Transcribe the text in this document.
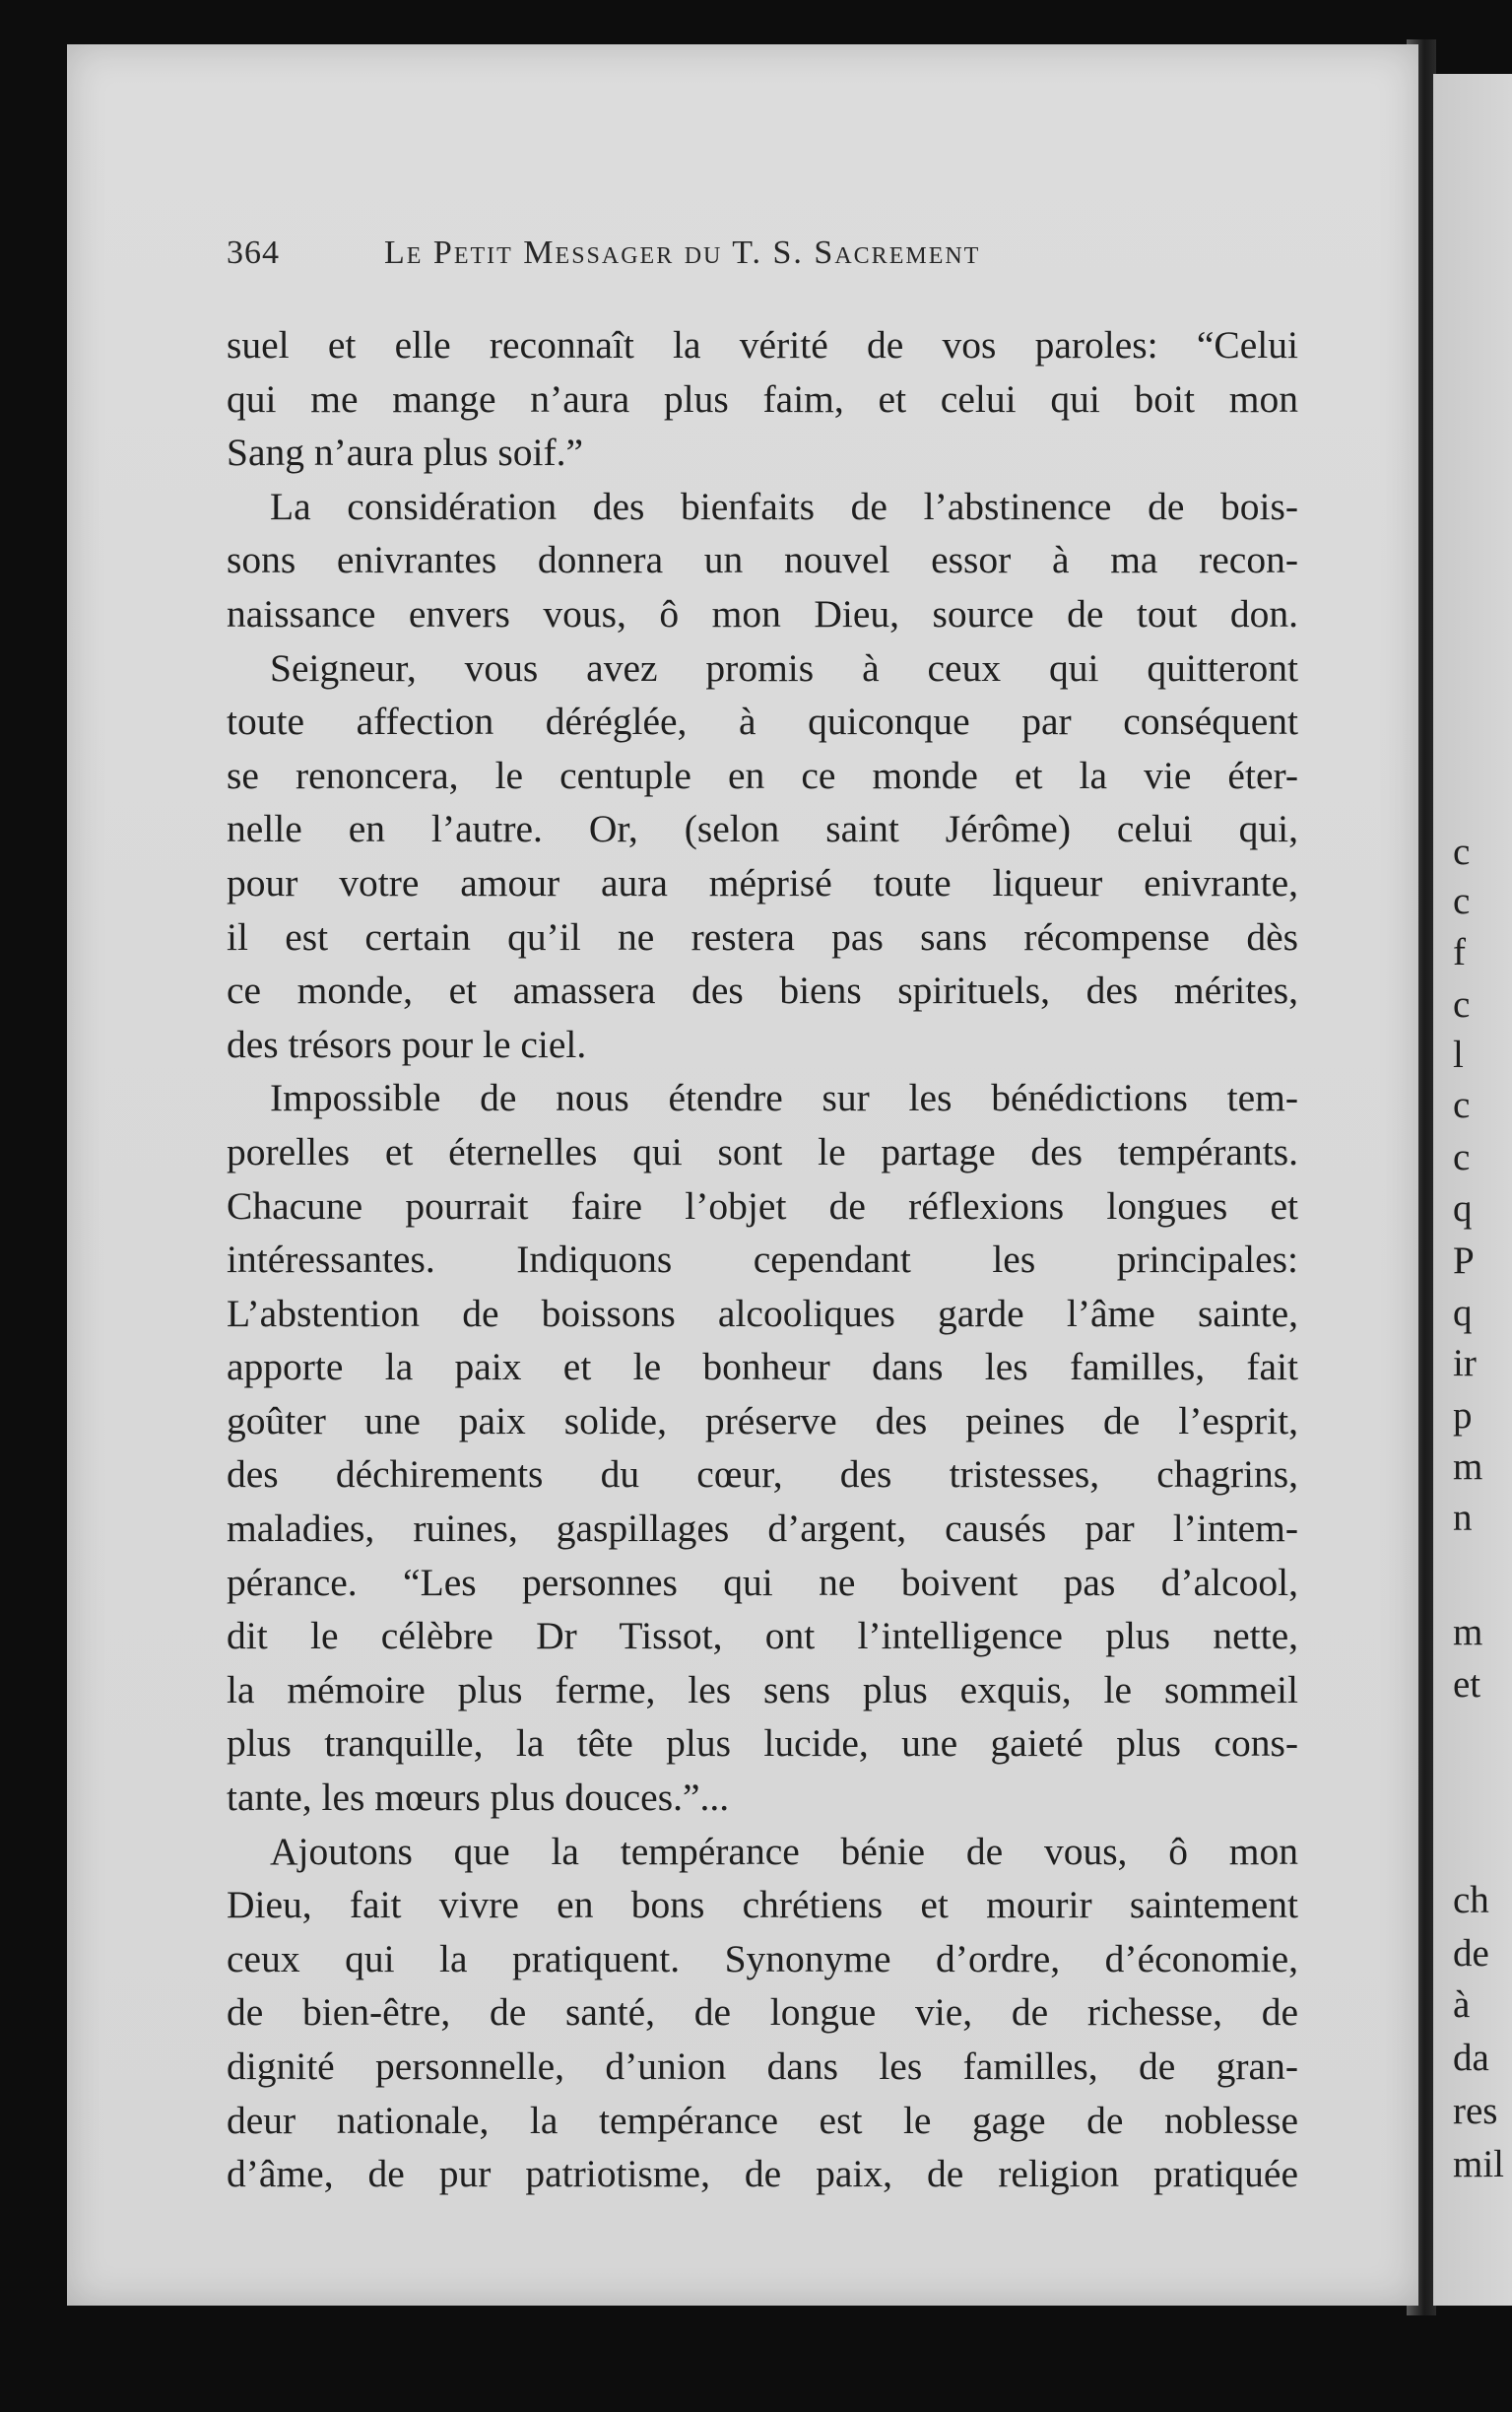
c
c
f
c
l
c
c
q
P
q
ir
p
m
n
m
et
ch
de
à
da
res
mil
364	Le Petit Messager du T. S. Sacrement
suel et elle reconnaît la vérité de vos paroles: “Celui
qui me mange n’aura plus faim, et celui qui boit mon
Sang n’aura plus soif.”
La considération des bienfaits de l’abstinence de bois-
sons enivrantes donnera un nouvel essor à ma recon-
naissance envers vous, ô mon Dieu, source de tout don.
Seigneur, vous avez promis à ceux qui quitteront
toute affection déréglée, à quiconque par conséquent
se renoncera, le centuple en ce monde et la vie éter-
nelle en l’autre. Or, (selon saint Jérôme) celui qui,
pour votre amour aura méprisé toute liqueur enivrante,
il est certain qu’il ne restera pas sans récompense dès
ce monde, et amassera des biens spirituels, des mérites,
des trésors pour le ciel.
Impossible de nous étendre sur les bénédictions tem-
porelles et éternelles qui sont le partage des tempérants.
Chacune pourrait faire l’objet de réflexions longues et
intéressantes. Indiquons cependant les principales:
L’abstention de boissons alcooliques garde l’âme sainte,
apporte la paix et le bonheur dans les familles, fait
goûter une paix solide, préserve des peines de l’esprit,
des déchirements du cœur, des tristesses, chagrins,
maladies, ruines, gaspillages d’argent, causés par l’intem-
pérance. “Les personnes qui ne boivent pas d’alcool,
dit le célèbre Dr Tissot, ont l’intelligence plus nette,
la mémoire plus ferme, les sens plus exquis, le sommeil
plus tranquille, la tête plus lucide, une gaieté plus cons-
tante, les mœurs plus douces.”...
Ajoutons que la tempérance bénie de vous, ô mon
Dieu, fait vivre en bons chrétiens et mourir saintement
ceux qui la pratiquent. Synonyme d’ordre, d’économie,
de bien-être, de santé, de longue vie, de richesse, de
dignité personnelle, d’union dans les familles, de gran-
deur nationale, la tempérance est le gage de noblesse
d’âme, de pur patriotisme, de paix, de religion pratiquée
